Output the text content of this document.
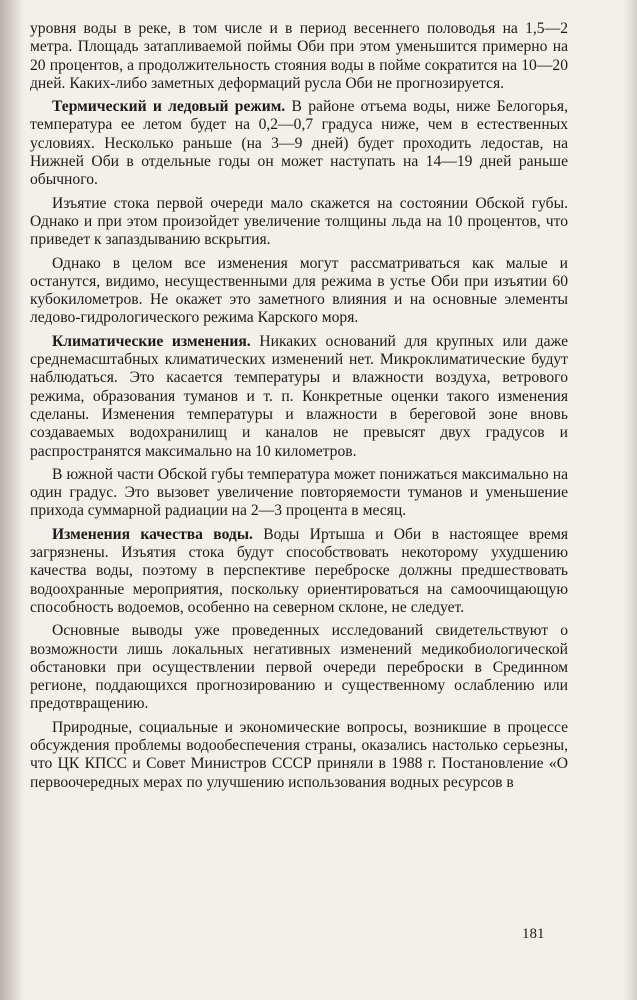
уровня воды в реке, в том числе и в период весеннего половодья на 1,5—2 метра. Площадь затапливаемой поймы Оби при этом уменьшится примерно на 20 процентов, а продолжительность стояния воды в пойме сократится на 10—20 дней. Каких-либо заметных деформаций русла Оби не прогнозируется.

Термический и ледовый режим. В районе отъема воды, ниже Белогорья, температура ее летом будет на 0,2—0,7 градуса ниже, чем в естественных условиях. Несколько раньше (на 3—9 дней) будет проходить ледостав, на Нижней Оби в отдельные годы он может наступать на 14—19 дней раньше обычного.

Изъятие стока первой очереди мало скажется на состоянии Обской губы. Однако и при этом произойдет увеличение толщины льда на 10 процентов, что приведет к запаздыванию вскрытия.

Однако в целом все изменения могут рассматриваться как малые и останутся, видимо, несущественными для режима в устье Оби при изъятии 60 кубокилометров. Не окажет это заметного влияния и на основные элементы ледово-гидрологического режима Карского моря.

Климатические изменения. Никаких оснований для крупных или даже среднемасштабных климатических изменений нет. Микроклиматические будут наблюдаться. Это касается температуры и влажности воздуха, ветрового режима, образования туманов и т. п. Конкретные оценки такого изменения сделаны. Изменения температуры и влажности в береговой зоне вновь создаваемых водохранилищ и каналов не превысят двух градусов и распространятся максимально на 10 километров.

В южной части Обской губы температура может понижаться максимально на один градус. Это вызовет увеличение повторяемости туманов и уменьшение прихода суммарной радиации на 2—3 процента в месяц.

Изменения качества воды. Воды Иртыша и Оби в настоящее время загрязнены. Изъятия стока будут способствовать некоторому ухудшению качества воды, поэтому в перспективе переброске должны предшествовать водоохранные мероприятия, поскольку ориентироваться на самоочищающую способность водоемов, особенно на северном склоне, не следует.

Основные выводы уже проведенных исследований свидетельствуют о возможности лишь локальных негативных изменений медикобиологической обстановки при осуществлении первой очереди переброски в Срединном регионе, поддающихся прогнозированию и существенному ослаблению или предотвращению.

Природные, социальные и экономические вопросы, возникшие в процессе обсуждения проблемы водообеспечения страны, оказались настолько серьезны, что ЦК КПСС и Совет Министров СССР приняли в 1988 г. Постановление «О первоочередных мерах по улучшению использования водных ресурсов в

181
